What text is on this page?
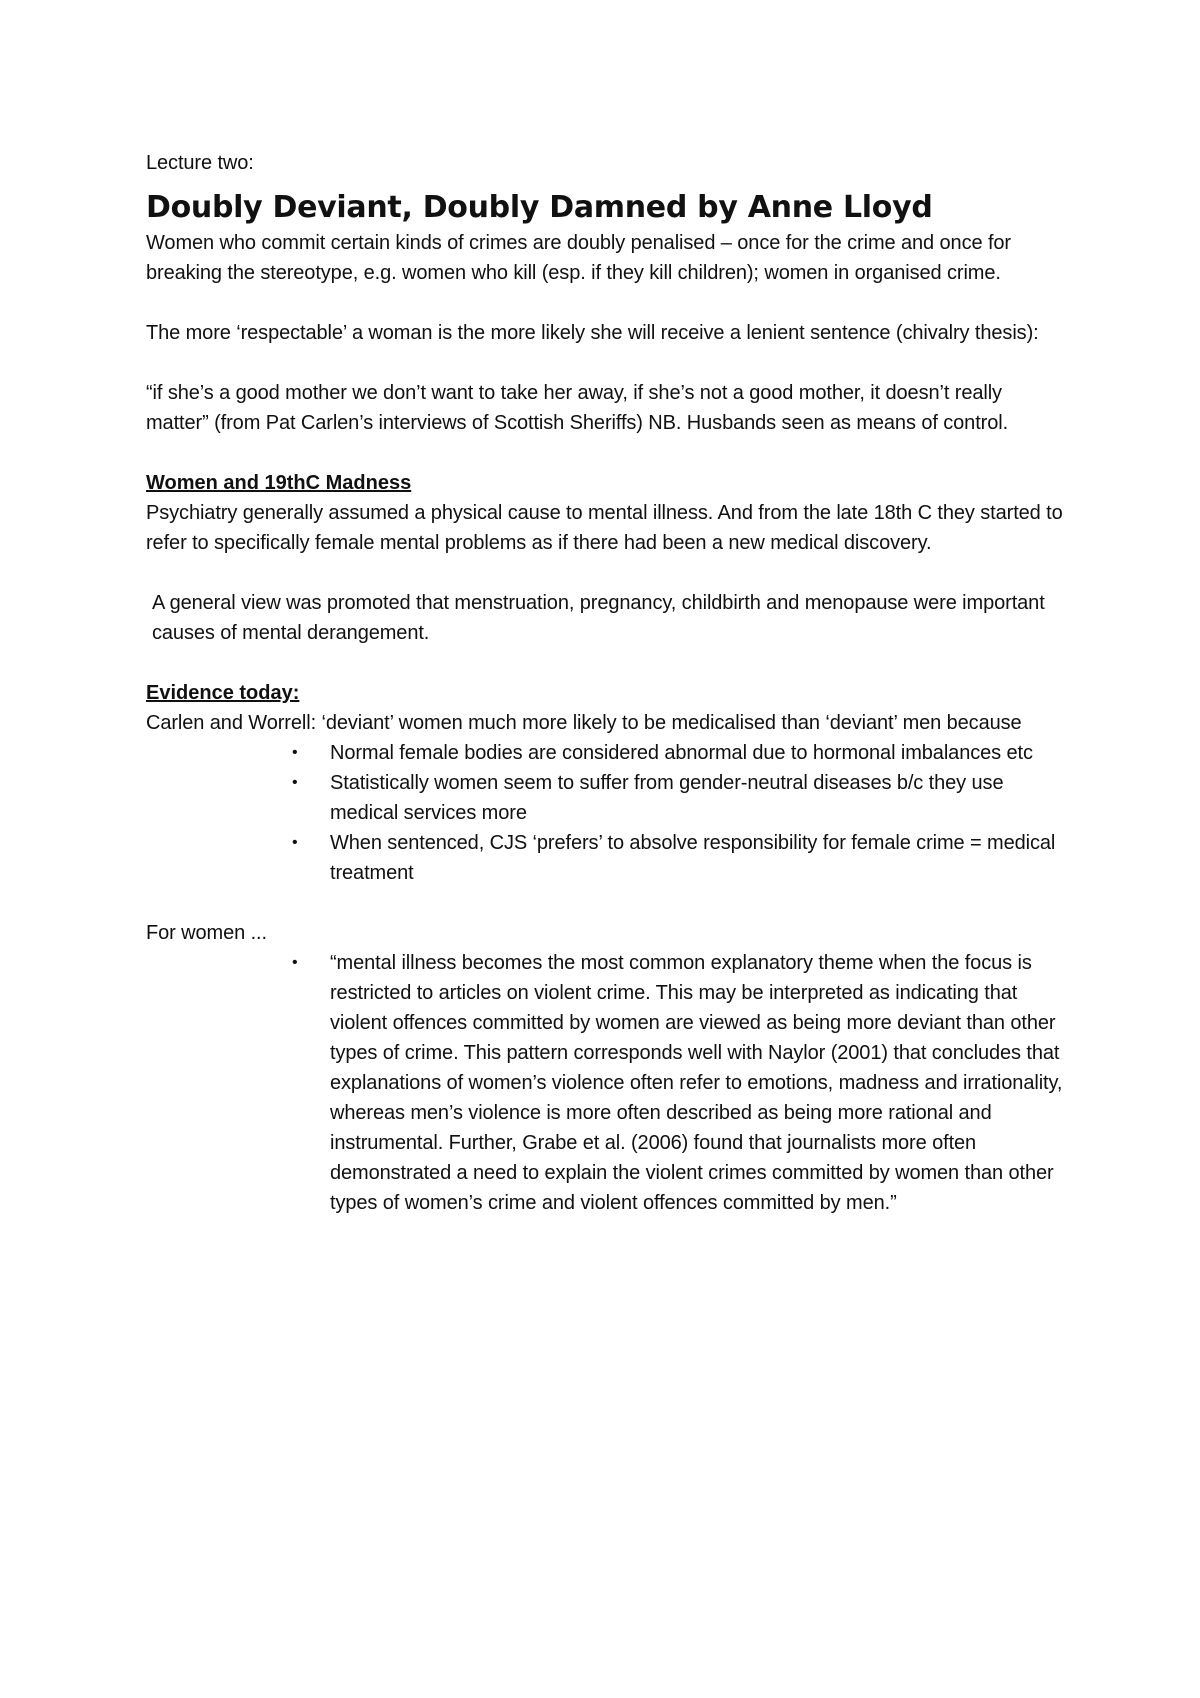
Lecture two:

Doubly Deviant, Doubly Damned by Anne Lloyd

Women who commit certain kinds of crimes are doubly penalised – once for the crime and once for breaking the stereotype, e.g. women who kill (esp. if they kill children); women in organised crime.

The more ‘respectable’ a woman is the more likely she will receive a lenient sentence (chivalry thesis):

“if she’s a good mother we don’t want to take her away, if she’s not a good mother, it doesn’t really matter” (from Pat Carlen’s interviews of Scottish Sheriffs) NB. Husbands seen as means of control.

Women and 19thC Madness

Psychiatry generally assumed a physical cause to mental illness. And from the late 18th C they started to refer to specifically female mental problems as if there had been a new medical discovery.

A general view was promoted that menstruation, pregnancy, childbirth and menopause were important causes of mental derangement.

Evidence today:

Carlen and Worrell: ‘deviant’ women much more likely to be medicalised than ‘deviant’ men because

• Normal female bodies are considered abnormal due to hormonal imbalances etc
• Statistically women seem to suffer from gender-neutral diseases b/c they use medical services more
• When sentenced, CJS ‘prefers’ to absolve responsibility for female crime = medical treatment

For women ...

• “mental illness becomes the most common explanatory theme when the focus is restricted to articles on violent crime. This may be interpreted as indicating that violent offences committed by women are viewed as being more deviant than other types of crime. This pattern corresponds well with Naylor (2001) that concludes that explanations of women’s violence often refer to emotions, madness and irrationality, whereas men’s violence is more often described as being more rational and instrumental. Further, Grabe et al. (2006) found that journalists more often demonstrated a need to explain the violent crimes committed by women than other types of women’s crime and violent offences committed by men.”
